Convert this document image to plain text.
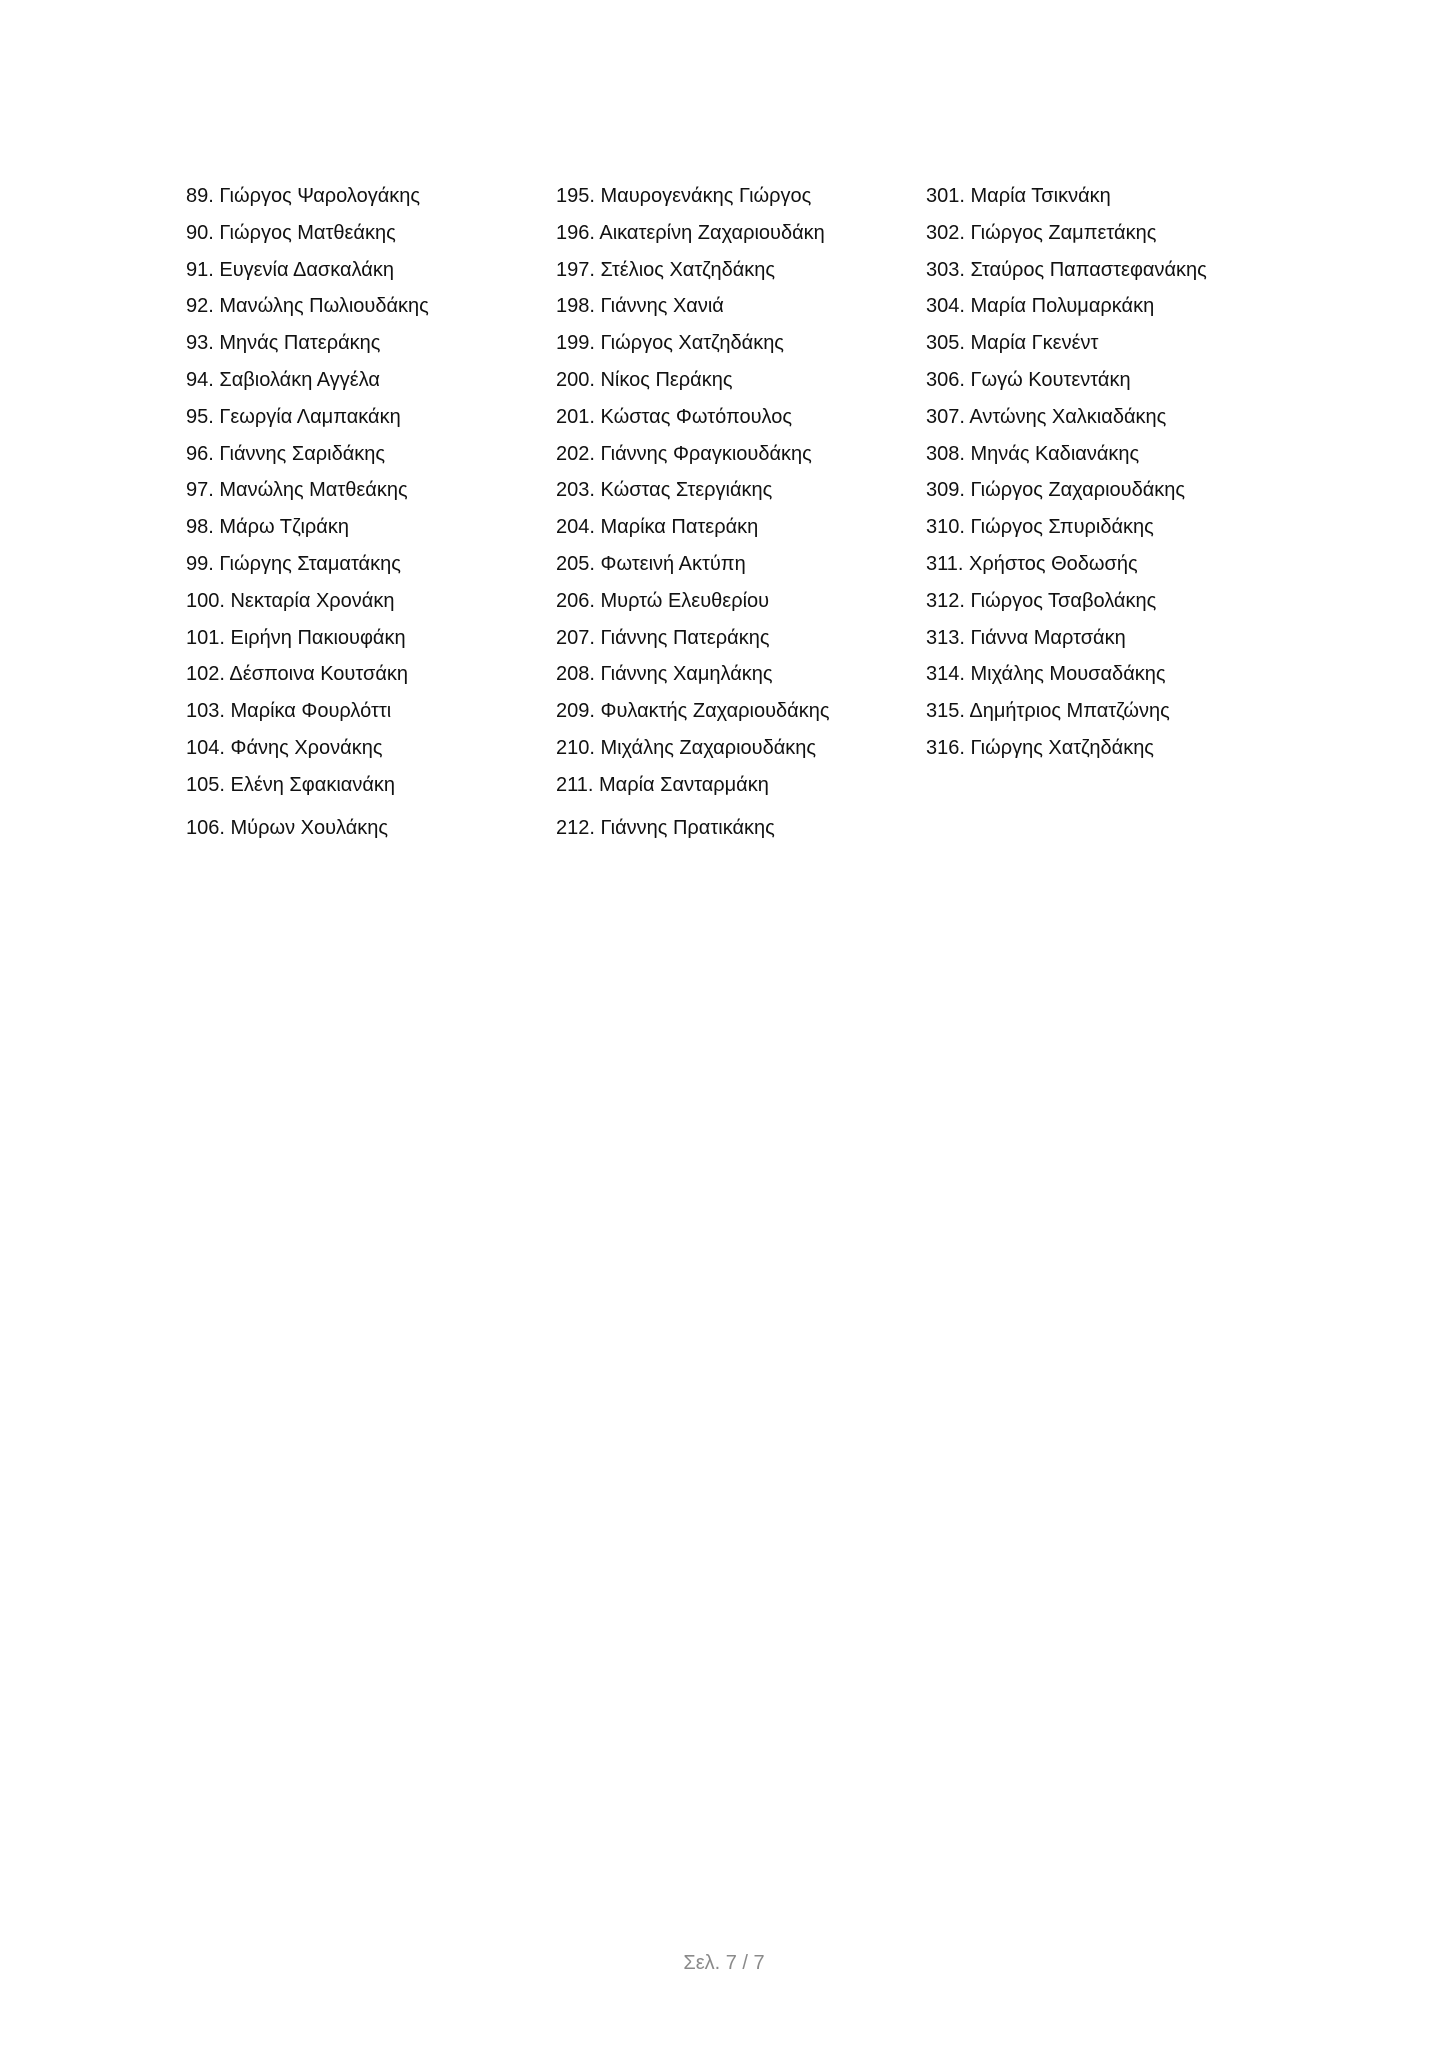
89. Γιώργος Ψαρολογάκης
90. Γιώργος Ματθεάκης
91. Ευγενία Δασκαλάκη
92. Μανώλης Πωλιουδάκης
93. Μηνάς Πατεράκης
94. Σαβιολάκη Αγγέλα
95. Γεωργία Λαμπακάκη
96. Γιάννης Σαριδάκης
97. Μανώλης Ματθεάκης
98. Μάρω Τζιράκη
99. Γιώργης Σταματάκης
100. Νεκταρία Χρονάκη
101. Ειρήνη Πακιουφάκη
102. Δέσποινα Κουτσάκη
103. Μαρίκα Φουρλόττι
104. Φάνης Χρονάκης
105. Ελένη Σφακιανάκη
106. Μύρων Χουλάκης
195. Μαυρογενάκης Γιώργος
196. Αικατερίνη Ζαχαριουδάκη
197. Στέλιος Χατζηδάκης
198. Γιάννης Χανιά
199. Γιώργος Χατζηδάκης
200. Νίκος Περάκης
201. Κώστας Φωτόπουλος
202. Γιάννης Φραγκιουδάκης
203. Κώστας Στεργιάκης
204. Μαρίκα Πατεράκη
205. Φωτεινή Ακτύπη
206. Μυρτώ Ελευθερίου
207. Γιάννης Πατεράκης
208. Γιάννης Χαμηλάκης
209. Φυλακτής Ζαχαριουδάκης
210. Μιχάλης Ζαχαριουδάκης
211. Μαρία Σανταρμάκη
212. Γιάννης Πρατικάκης
301. Μαρία Τσικνάκη
302. Γιώργος Ζαμπετάκης
303. Σταύρος Παπαστεφανάκης
304. Μαρία Πολυμαρκάκη
305. Μαρία Γκενέντ
306. Γωγώ Κουτεντάκη
307. Αντώνης Χαλκιαδάκης
308. Μηνάς Καδιανάκης
309. Γιώργος Ζαχαριουδάκης
310. Γιώργος Σπυριδάκης
311. Χρήστος Θοδωσής
312. Γιώργος Τσαβολάκης
313. Γιάννα Μαρτσάκη
314. Μιχάλης Μουσαδάκης
315. Δημήτριος Μπατζώνης
316. Γιώργης Χατζηδάκης
Σελ. 7 / 7
